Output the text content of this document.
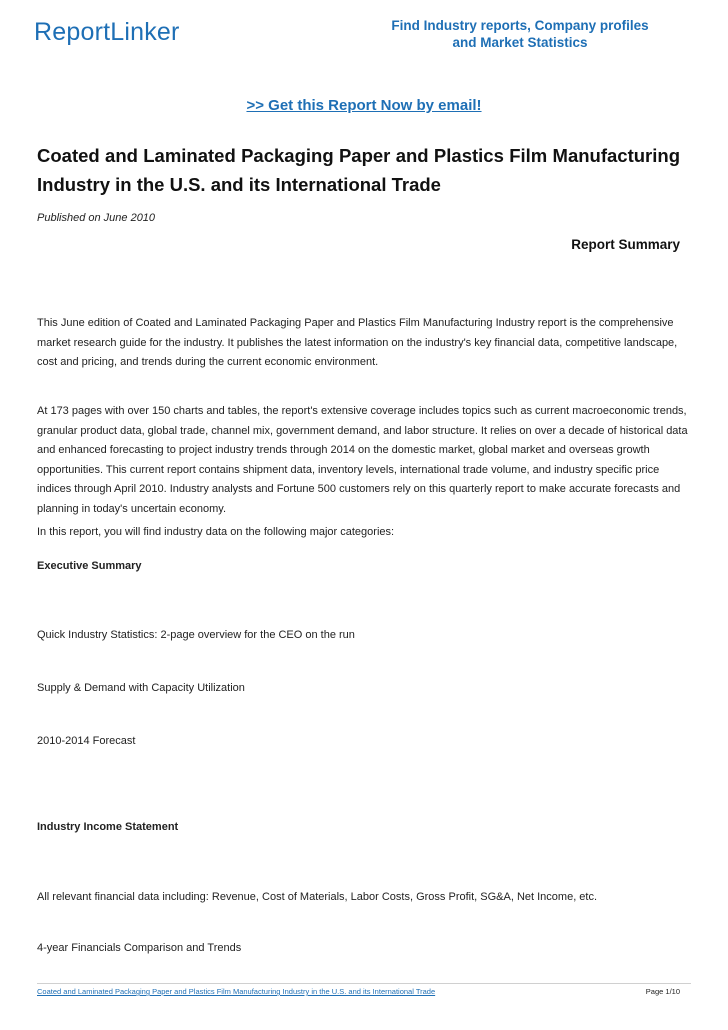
ReportLinker	Find Industry reports, Company profiles
and Market Statistics
>> Get this Report Now by email!
Coated and Laminated Packaging Paper and Plastics Film Manufacturing Industry in the U.S. and its International Trade
Published on June 2010
Report Summary
This June edition of Coated and Laminated Packaging Paper and Plastics Film Manufacturing Industry report is the comprehensive market research guide for the industry. It publishes the latest information on the industry's key financial data, competitive landscape, cost and pricing, and trends during the current economic environment.
At 173 pages with over 150 charts and tables, the report's extensive coverage includes topics such as current macroeconomic trends, granular product data, global trade, channel mix, government demand, and labor structure. It relies on over a decade of historical data and enhanced forecasting to project industry trends through 2014 on the domestic market, global market and overseas growth opportunities. This current report contains shipment data, inventory levels, international trade volume, and industry specific price indices through April 2010. Industry analysts and Fortune 500 customers rely on this quarterly report to make accurate forecasts and planning in today's uncertain economy.
In this report, you will find industry data on the following major categories:
Executive Summary
Quick Industry Statistics: 2-page overview for the CEO on the run
Supply & Demand with Capacity Utilization
2010-2014 Forecast
Industry Income Statement
All relevant financial data including: Revenue, Cost of Materials, Labor Costs, Gross Profit, SG&A, Net Income, etc.
4-year Financials Comparison and Trends
Coated and Laminated Packaging Paper and Plastics Film Manufacturing Industry in the U.S. and its International Trade	Page 1/10
